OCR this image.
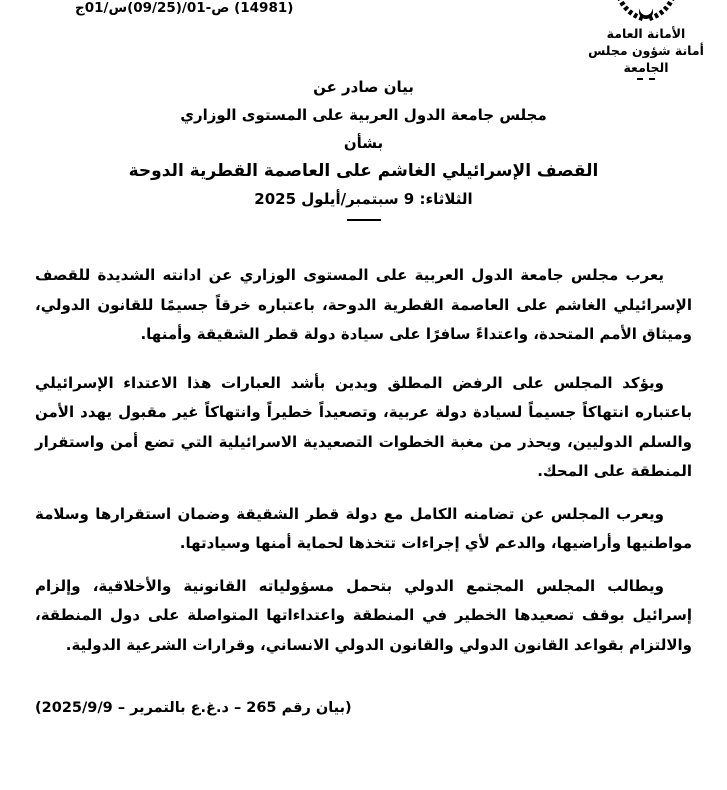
ج01/س(09/25)/01-ص (14981)
الأمانة العامة
أمانة شؤون مجلس الجامعة
بيان صادر عن
مجلس جامعة الدول العربية على المستوى الوزاري
بشأن
القصف الإسرائيلي الغاشم على العاصمة القطرية الدوحة
الثلاثاء: 9 سبتمبر/أيلول 2025

يعرب مجلس جامعة الدول العربية على المستوى الوزاري عن ادانته الشديدة للقصف الإسرائيلي الغاشم على العاصمة القطرية الدوحة، باعتباره خرقاً جسيمًا للقانون الدولي، وميثاق الأمم المتحدة، واعتداءً سافرًا على سيادة دولة قطر الشقيقة وأمنها.

ويؤكد المجلس على الرفض المطلق ويدين بأشد العبارات هذا الاعتداء الإسرائيلي باعتباره انتهاكاً جسيماً لسيادة دولة عربية، وتصعيداً خطيراً وانتهاكاً غير مقبول يهدد الأمن والسلم الدوليين، ويحذر من مغبة الخطوات التصعيدية الاسرائيلية التي تضع أمن واستقرار المنطقة على المحك.

ويعرب المجلس عن تضامنه الكامل مع دولة قطر الشقيقة وضمان استقرارها وسلامة مواطنيها وأراضيها، والدعم لأي إجراءات تتخذها لحماية أمنها وسيادتها.

ويطالب المجلس المجتمع الدولي بتحمل مسؤولياته القانونية والأخلاقية، وإلزام إسرائيل بوقف تصعيدها الخطير في المنطقة واعتداءاتها المتواصلة على دول المنطقة، والالتزام بقواعد القانون الدولي والقانون الدولي الانساني، وقرارات الشرعية الدولية.

(بيان رقم 265 – د.غ.ع بالتمرير – 2025/9/9)
